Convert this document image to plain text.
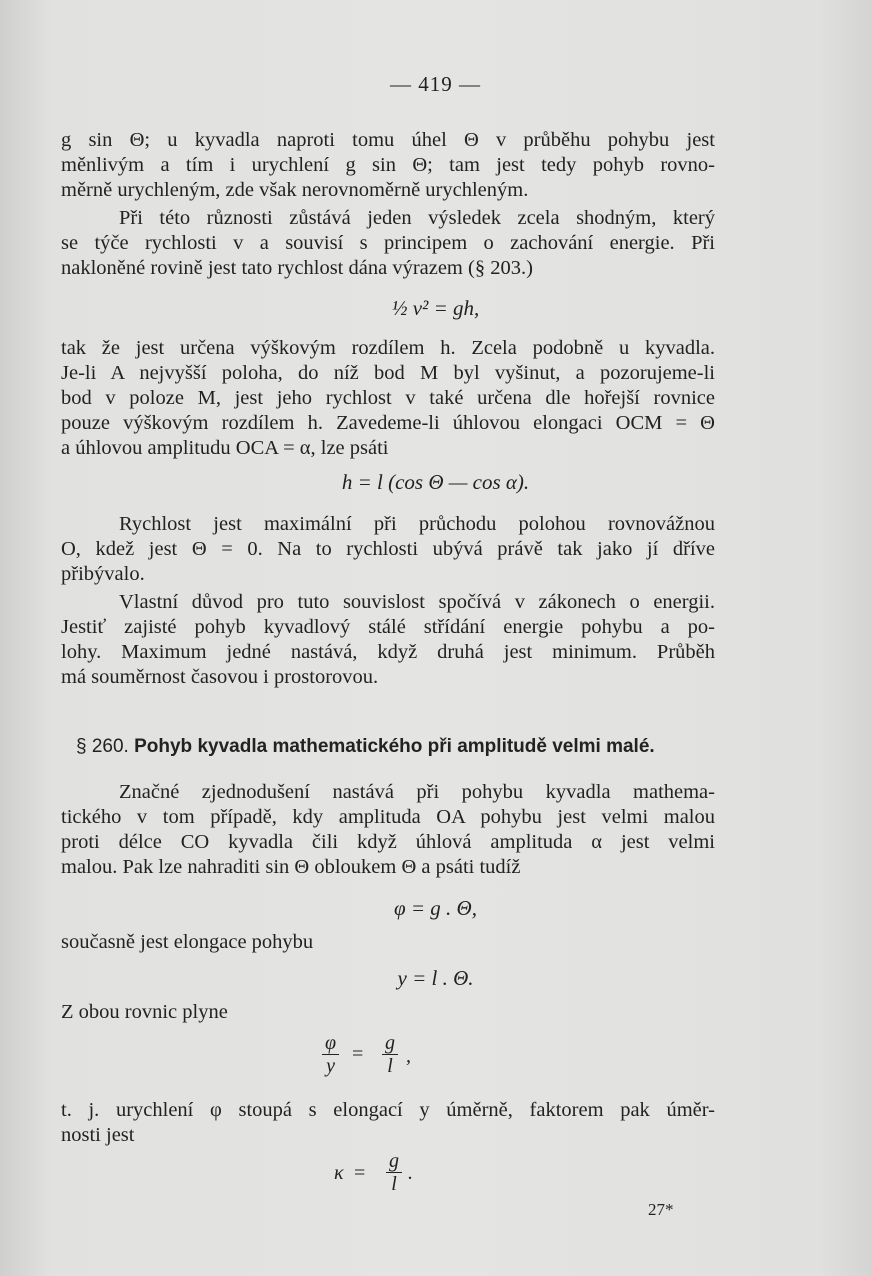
— 419 —
g sin Θ; u kyvadla naproti tomu úhel Θ v průběhu pohybu jest
měnlivým a tím i urychlení g sin Θ; tam jest tedy pohyb rovno-
měrně urychleným, zde však nerovnoměrně urychleným.
Při této různosti zůstává jeden výsledek zcela shodným, který
se týče rychlosti v a souvisí s principem o zachování energie. Při
nakloněné rovině jest tato rychlost dána výrazem (§ 203.)
½ v² = gh,
tak že jest určena výškovým rozdílem h. Zcela podobně u kyvadla.
Je-li A nejvyšší poloha, do níž bod M byl vyšinut, a pozorujeme-li
bod v poloze M, jest jeho rychlost v také určena dle hořejší rovnice
pouze výškovým rozdílem h. Zavedeme-li úhlovou elongaci OCM = Θ
a úhlovou amplitudu OCA = α, lze psáti
h = l (cos Θ — cos α).
Rychlost jest maximální při průchodu polohou rovnovážnou
O, kdež jest Θ = 0. Na to rychlosti ubývá právě tak jako jí dříve
přibývalo.
Vlastní důvod pro tuto souvislost spočívá v zákonech o energii.
Jestiť zajisté pohyb kyvadlový stálé střídání energie pohybu a po-
lohy. Maximum jedné nastává, když druhá jest minimum. Průběh
má souměrnost časovou i prostorovou.
§ 260. Pohyb kyvadla mathematického při amplitudě velmi malé.
Značné zjednodušení nastává při pohybu kyvadla mathema-
tického v tom případě, kdy amplituda OA pohybu jest velmi malou
proti délce CO kyvadla čili když úhlová amplituda α jest velmi
malou. Pak lze nahraditi sin Θ obloukem Θ a psáti tudíž
φ = g . Θ,
současně jest elongace pohybu
y = l . Θ.
Z obou rovnic plyne
$\frac{\varphi}{y} = \frac{g}{l}$ ,
t. j. urychlení φ stoupá s elongací y úměrně, faktorem pak úměr-
nosti jest
$\kappa = \frac{g}{l}$ .
27*
